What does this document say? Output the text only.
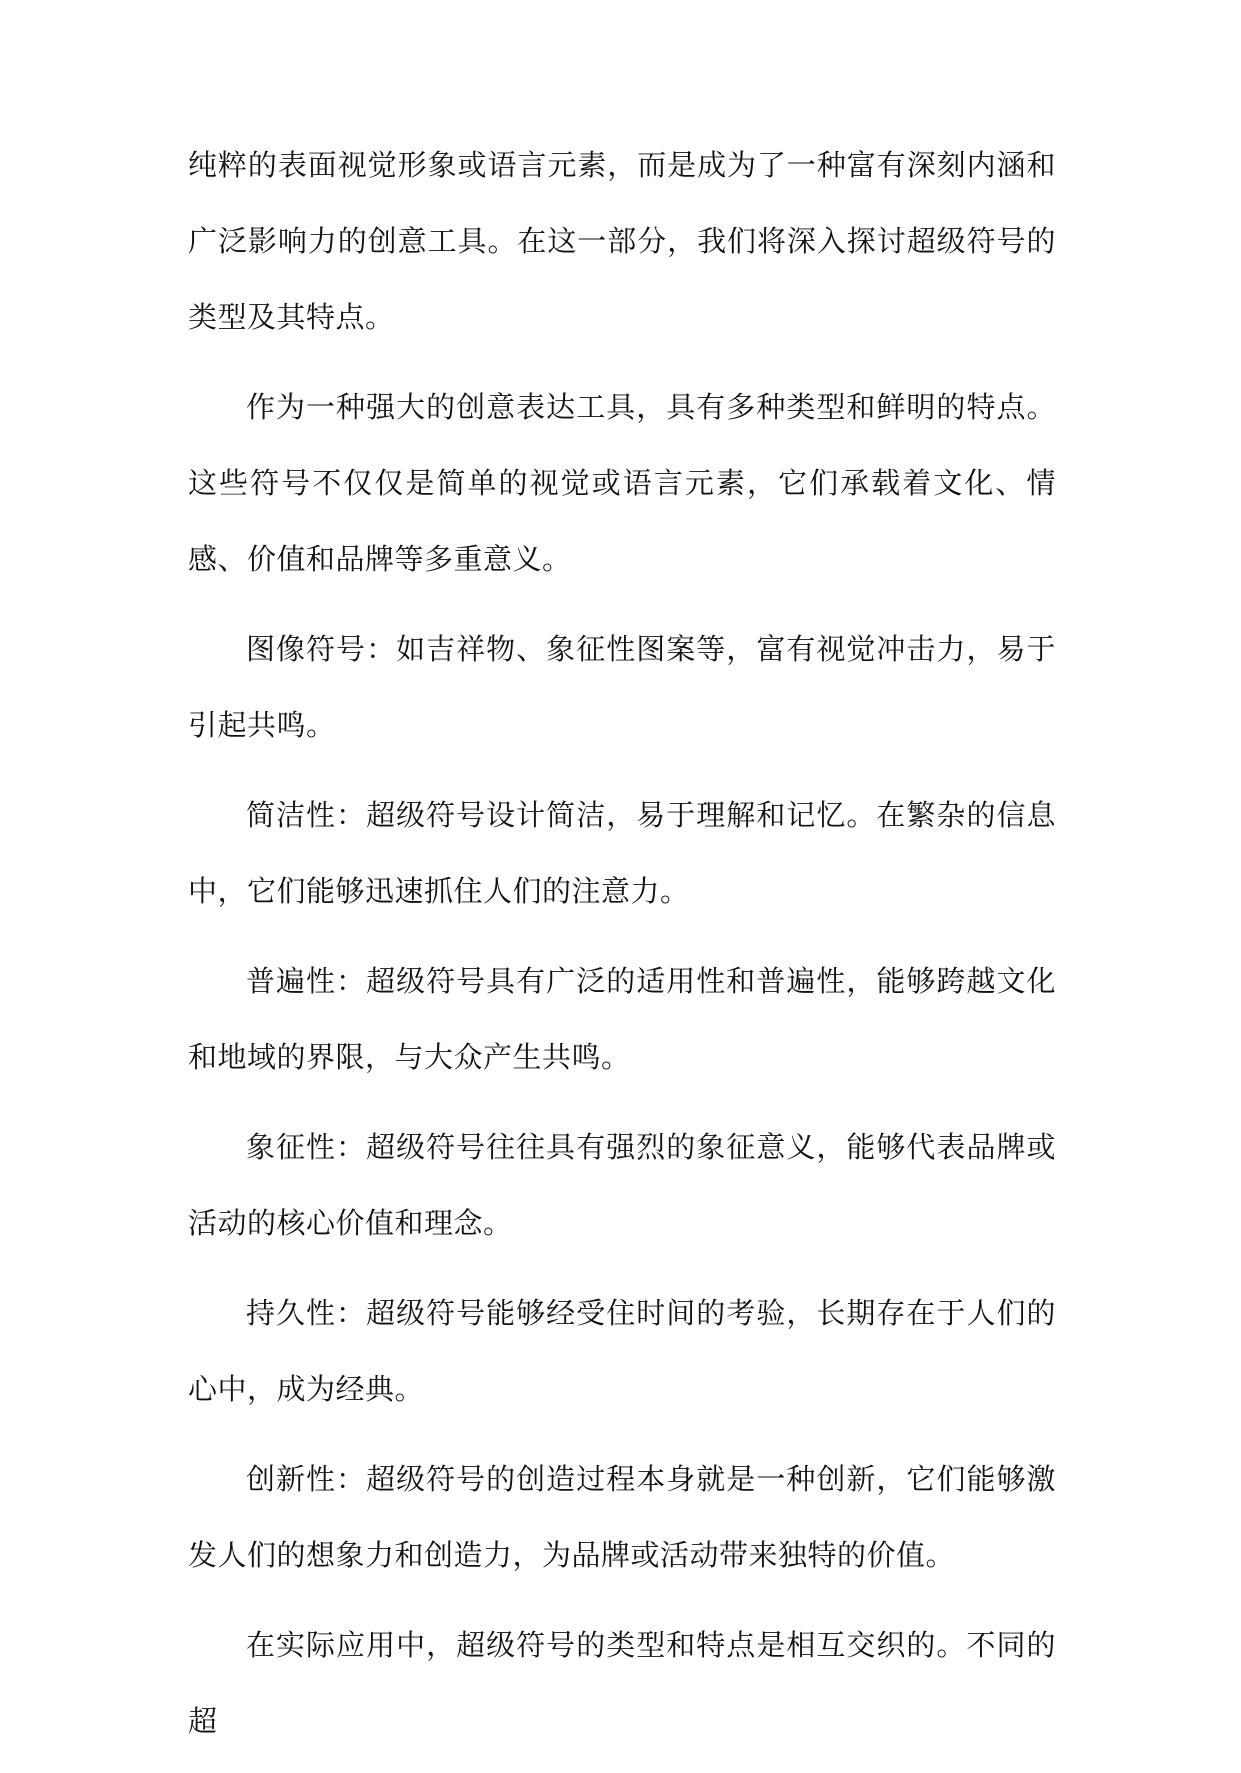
纯粹的表面视觉形象或语言元素，而是成为了一种富有深刻内涵和广泛影响力的创意工具。在这一部分，我们将深入探讨超级符号的类型及其特点。

作为一种强大的创意表达工具，具有多种类型和鲜明的特点。这些符号不仅仅是简单的视觉或语言元素，它们承载着文化、情感、价值和品牌等多重意义。

图像符号：如吉祥物、象征性图案等，富有视觉冲击力，易于引起共鸣。

简洁性：超级符号设计简洁，易于理解和记忆。在繁杂的信息中，它们能够迅速抓住人们的注意力。

普遍性：超级符号具有广泛的适用性和普遍性，能够跨越文化和地域的界限，与大众产生共鸣。

象征性：超级符号往往具有强烈的象征意义，能够代表品牌或活动的核心价值和理念。

持久性：超级符号能够经受住时间的考验，长期存在于人们的心中，成为经典。

创新性：超级符号的创造过程本身就是一种创新，它们能够激发人们的想象力和创造力，为品牌或活动带来独特的价值。

在实际应用中，超级符号的类型和特点是相互交织的。不同的超
